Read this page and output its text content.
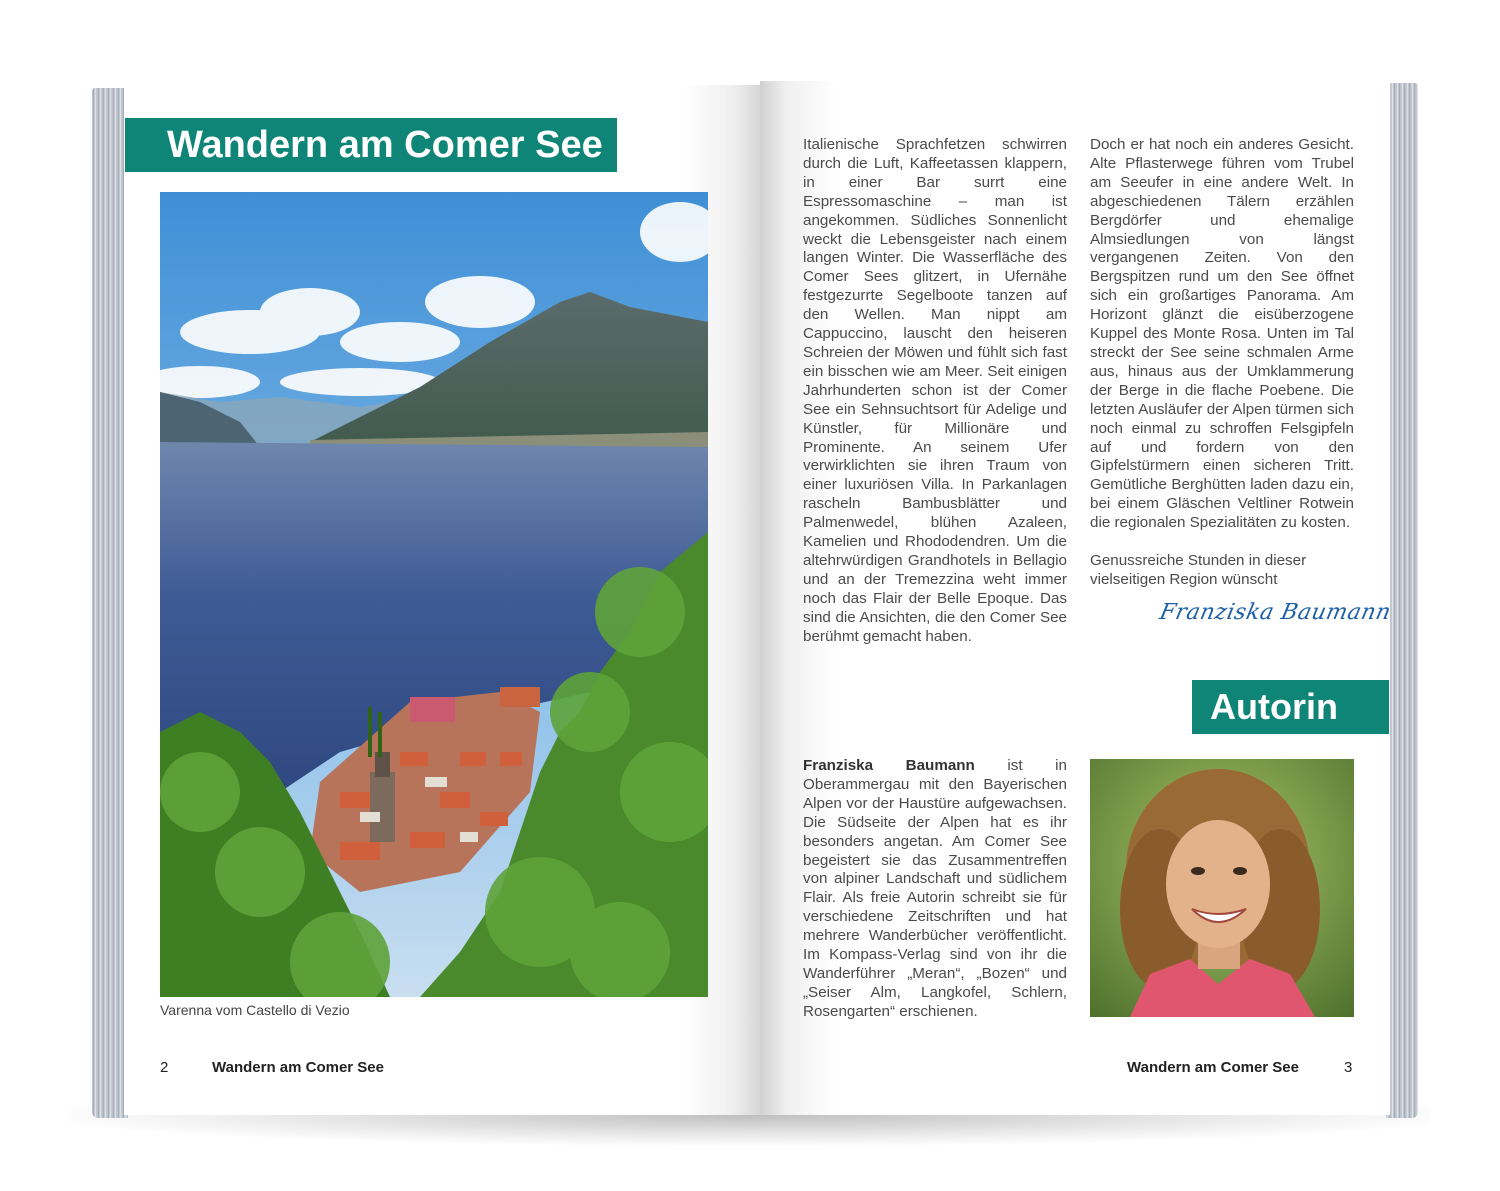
Wandern am Comer See
Varenna vom Castello di Vezio
2	Wandern am Comer See
Italienische Sprachfetzen schwirren durch die Luft, Kaffeetassen klappern, in einer Bar surrt eine Espressomaschine – man ist angekommen. Südliches Sonnenlicht weckt die Lebensgeister nach einem langen Winter. Die Wasserfläche des Comer Sees glitzert, in Ufernähe festgezurrte Segelboote tanzen auf den Wellen. Man nippt am Cappuccino, lauscht den heiseren Schreien der Möwen und fühlt sich fast ein bisschen wie am Meer. Seit einigen Jahrhunderten schon ist der Comer See ein Sehnsuchtsort für Adelige und Künstler, für Millionäre und Prominente. An seinem Ufer verwirklichten sie ihren Traum von einer luxuriösen Villa. In Parkanlagen rascheln Bambusblätter und Palmenwedel, blühen Azaleen, Kamelien und Rhododendren. Um die altehrwürdigen Grandhotels in Bellagio und an der Tremezzina weht immer noch das Flair der Belle Epoque. Das sind die Ansichten, die den Comer See berühmt gemacht haben.
Doch er hat noch ein anderes Gesicht. Alte Pflasterwege führen vom Trubel am Seeufer in eine andere Welt. In abgeschiedenen Tälern erzählen Bergdörfer und ehemalige Almsiedlungen von längst vergangenen Zeiten. Von den Bergspitzen rund um den See öffnet sich ein großartiges Panorama. Am Horizont glänzt die eisüberzogene Kuppel des Monte Rosa. Unten im Tal streckt der See seine schmalen Arme aus, hinaus aus der Umklammerung der Berge in die flache Poebene. Die letzten Ausläufer der Alpen türmen sich noch einmal zu schroffen Felsgipfeln auf und fordern von den Gipfelstürmern einen sicheren Tritt. Gemütliche Berghütten laden dazu ein, bei einem Gläschen Veltliner Rotwein die regionalen Spezialitäten zu kosten.
Genussreiche Stunden in dieser vielseitigen Region wünscht
Franziska Baumann
Autorin
Franziska Baumann ist in Oberammergau mit den Bayerischen Alpen vor der Haustüre aufgewachsen. Die Südseite der Alpen hat es ihr besonders angetan. Am Comer See begeistert sie das Zusammentreffen von alpiner Landschaft und südlichem Flair. Als freie Autorin schreibt sie für verschiedene Zeitschriften und hat mehrere Wanderbücher veröffentlicht. Im Kompass-Verlag sind von ihr die Wanderführer „Meran“, „Bozen“ und „Seiser Alm, Langkofel, Schlern, Rosengarten“ erschienen.
Wandern am Comer See	3
